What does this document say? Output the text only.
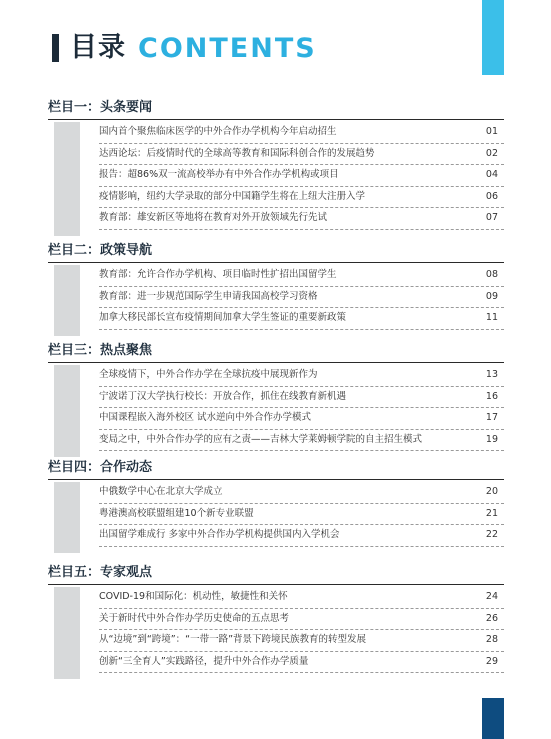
目录 CONTENTS
栏目一：头条要闻
国内首个聚焦临床医学的中外合作办学机构今年启动招生	01
达西论坛：后疫情时代的全球高等教育和国际科创合作的发展趋势	02
报告：超86%双一流高校举办有中外合作办学机构或项目	04
疫情影响，纽约大学录取的部分中国籍学生将在上纽大注册入学	06
教育部：雄安新区等地将在教育对外开放领域先行先试	07
栏目二：政策导航
教育部：允许合作办学机构、项目临时性扩招出国留学生	08
教育部：进一步规范国际学生申请我国高校学习资格	09
加拿大移民部长宣布疫情期间加拿大学生签证的重要新政策	11
栏目三：热点聚焦
全球疫情下，中外合作办学在全球抗疫中展现新作为	13
宁波诺丁汉大学执行校长：开放合作，抓住在线教育新机遇	16
中国课程嵌入海外校区 试水逆向中外合作办学模式	17
变局之中，中外合作办学的应有之责——吉林大学莱姆顿学院的自主招生模式	19
栏目四：合作动态
中俄数学中心在北京大学成立	20
粤港澳高校联盟组建10个新专业联盟	21
出国留学难成行 多家中外合作办学机构提供国内入学机会	22
栏目五：专家观点
COVID-19和国际化：机动性，敏捷性和关怀	24
关于新时代中外合作办学历史使命的五点思考	26
从“边境”到“跨境”：“一带一路”背景下跨境民族教育的转型发展	28
创新“三全育人”实践路径，提升中外合作办学质量	29
